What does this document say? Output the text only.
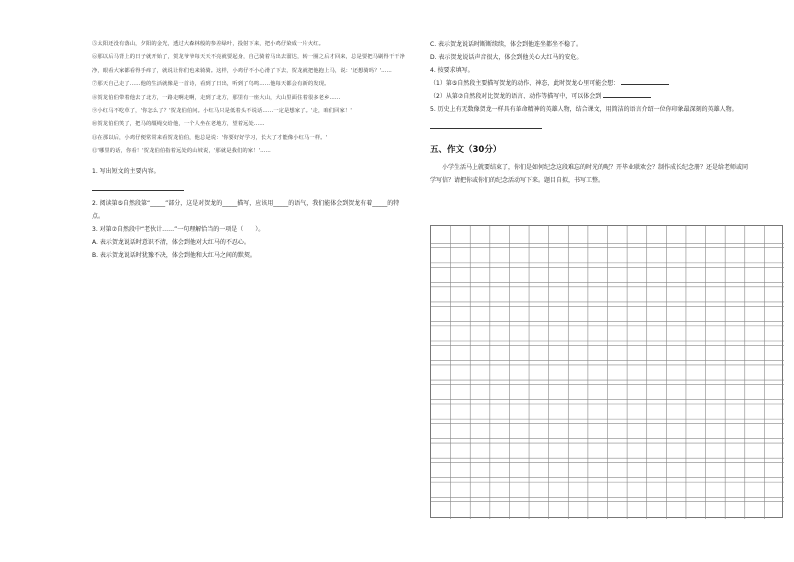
⑤太阳还没有落山，夕阳的金光，透过大森林般的参差绿叶，投射下来，把小鸡仔染成一片火红。

⑥那以后马背上的日子就开始了，贺龙爷爷每天天不亮就要起身，自己骑着马出去溜达，转一圈之后才回来，总是要把马刷得干干净净，眼看大家都看得手痒了，就说让你们也来骑骑。这样，小鸡仔不小心滑了下去，贺龙就把他抱上马，说：'还想骑吗？'……

⑦那天自己走了……他的生活就像是一首诗，看到了日出，听到了鸟鸣……他每天都会有新的发现。

⑧贺龙伯伯带着他去了北方，一路走啊走啊，走到了北方，那里有一座大山，大山里面住着很多老乡……

⑨小红马不吃草了，'你怎么了？'贺龙伯伯问。小红马只是低着头不说话……一定是想家了。'走，咱们回家！'

⑩贺龙伯伯笑了，把马的缰绳交给他，一个人坐在老地方，望着远处……

⑪在那以后，小鸡仔便常常来看贺龙伯伯，他总是说：'你要好好学习，长大了才能像小红马一样。'

⑫'哪里的话，你看！'贺龙伯伯指着远处的山坡说，'那就是我们的家！'……

1. 写出短文的主要内容。

2. 阅读第⑤自然段第“_____”部分，这是对贺龙的_____描写，应该用_____的语气，我们能体会到贺龙有着_____的特点。

3. 对第⑦自然段中“老伙计……”一句理解恰当的一项是（　　）。

A. 表示贺龙说话时意识不清，体会到他对大红马的不忍心。

B. 表示贺龙说话时犹豫不决，体会到他和大红马之间的默契。

C. 表示贺龙说话时断断续续，体会到他连坐都坐不稳了。

D. 表示贺龙说话声音很大，体会到他关心大红马的安危。

4. 按要求填写。

（1）第⑤自然段主要描写贺龙的动作、神态，此时贺龙心里可能会想：

（2）从第⑦自然段对比贺龙的语言、动作等描写中，可以体会到

5. 历史上有无数像贺龙一样具有革命精神的英雄人物，结合课文，用简洁的语言介绍一位你印象最深刻的英雄人物。

五、作文（30分）

小学生活马上就要结束了，你们是如何纪念这段难忘的时光的呢？开毕业联欢会？制作成长纪念册？还是给老师或同学写信？请把你或你们的纪念活动写下来。题目自拟，书写工整。
